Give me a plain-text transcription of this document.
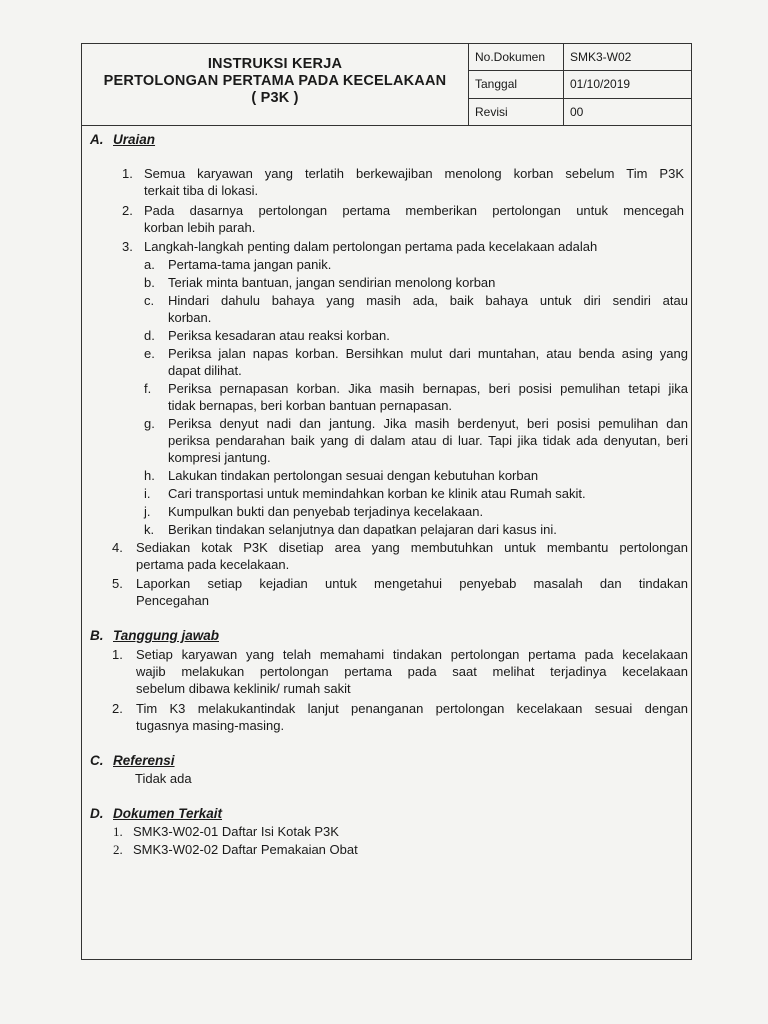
INSTRUKSI KERJA
PERTOLONGAN PERTAMA PADA KECELAKAAN
( P3K )
No.Dokumen	SMK3-W02
Tanggal	01/10/2019
Revisi	00
A. Uraian
1. Semua karyawan yang terlatih berkewajiban menolong korban sebelum Tim P3K
terkait tiba di lokasi.
2. Pada dasarnya pertolongan pertama memberikan pertolongan untuk mencegah
korban lebih parah.
3. Langkah-langkah penting dalam pertolongan pertama pada kecelakaan adalah
a.	Pertama-tama jangan panik.
b.	Teriak minta bantuan, jangan sendirian menolong korban
c.	Hindari dahulu bahaya yang masih ada, baik bahaya untuk diri sendiri atau
korban.
d.	Periksa kesadaran atau reaksi korban.
e.	Periksa jalan napas korban. Bersihkan mulut dari muntahan, atau benda asing yang
dapat dilihat.
f.	Periksa pernapasan korban. Jika masih bernapas, beri posisi pemulihan tetapi jika
tidak bernapas, beri korban bantuan pernapasan.
g.	Periksa denyut nadi dan jantung. Jika masih berdenyut, beri posisi pemulihan dan
periksa pendarahan baik yang di dalam atau di luar. Tapi jika tidak ada denyutan, beri
kompresi jantung.
h.	Lakukan tindakan pertolongan sesuai dengan kebutuhan korban
i.	Cari transportasi untuk memindahkan korban ke klinik atau Rumah sakit.
j.	Kumpulkan bukti dan penyebab terjadinya kecelakaan.
k.	Berikan tindakan selanjutnya dan dapatkan pelajaran dari kasus ini.
4.	Sediakan kotak P3K disetiap area yang membutuhkan untuk membantu pertolongan
pertama pada kecelakaan.
5.	Laporkan setiap kejadian untuk mengetahui penyebab masalah dan tindakan
Pencegahan
B. Tanggung jawab
1.	Setiap karyawan yang telah memahami tindakan pertolongan pertama pada kecelakaan
wajib melakukan pertolongan pertama pada saat melihat terjadinya kecelakaan
sebelum dibawa keklinik/ rumah sakit
2.	Tim K3 melakukantindak lanjut penanganan pertolongan kecelakaan sesuai dengan
tugasnya masing-masing.
C. Referensi
Tidak ada
D. Dokumen Terkait
1. SMK3-W02-01 Daftar Isi Kotak P3K
2. SMK3-W02-02 Daftar Pemakaian Obat
